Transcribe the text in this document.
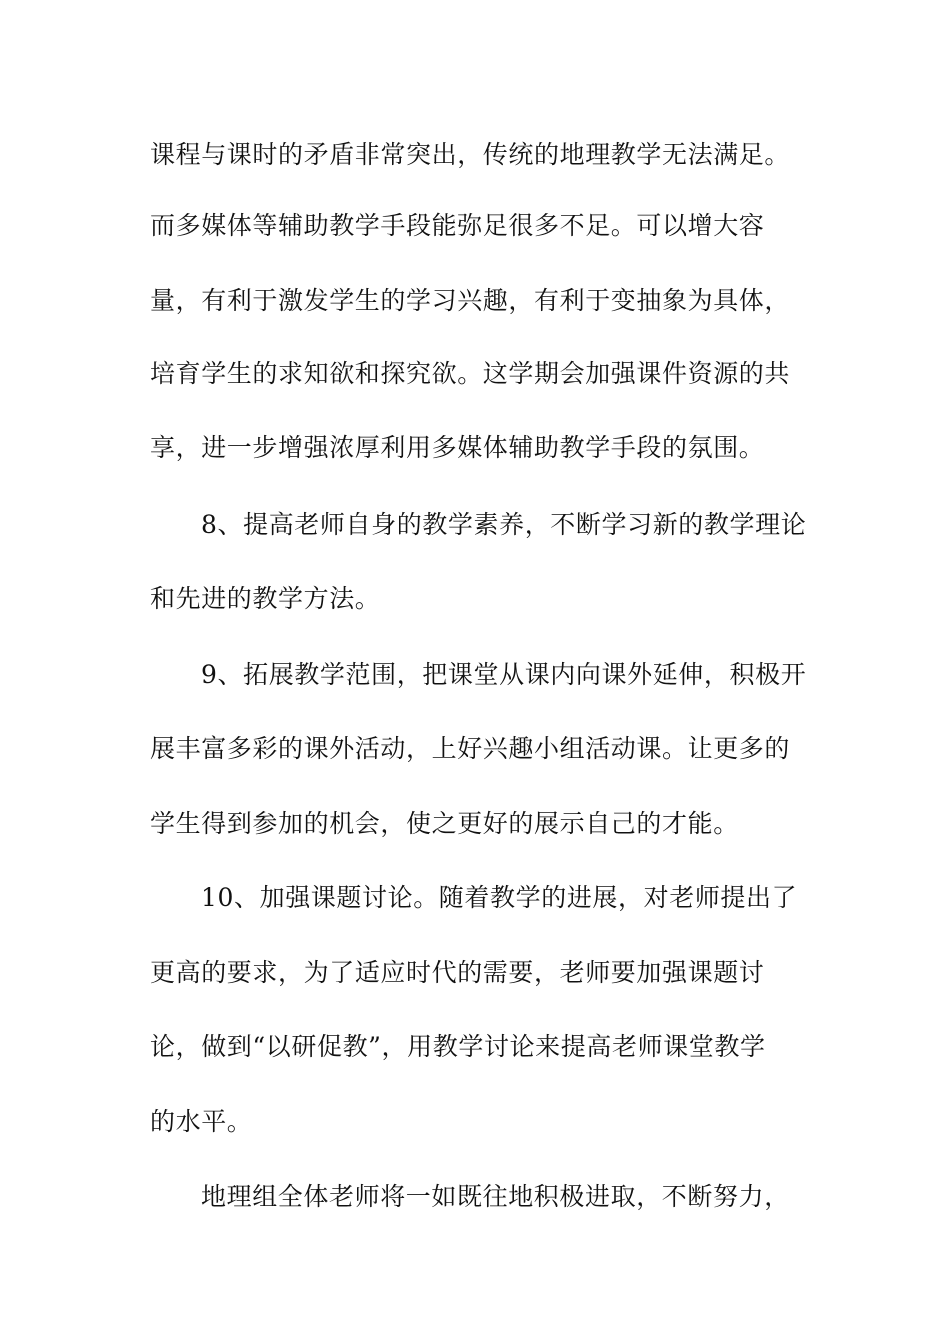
课程与课时的矛盾非常突出，传统的地理教学无法满足。
而多媒体等辅助教学手段能弥足很多不足。可以增大容
量，有利于激发学生的学习兴趣，有利于变抽象为具体，
培育学生的求知欲和探究欲。这学期会加强课件资源的共
享，进一步增强浓厚利用多媒体辅助教学手段的氛围。
8、提高老师自身的教学素养，不断学习新的教学理论
和先进的教学方法。
9、拓展教学范围，把课堂从课内向课外延伸，积极开
展丰富多彩的课外活动，上好兴趣小组活动课。让更多的
学生得到参加的机会，使之更好的展示自己的才能。
10、加强课题讨论。随着教学的进展，对老师提出了
更高的要求，为了适应时代的需要，老师要加强课题讨
论，做到“以研促教”，用教学讨论来提高老师课堂教学
的水平。
地理组全体老师将一如既往地积极进取，不断努力，
